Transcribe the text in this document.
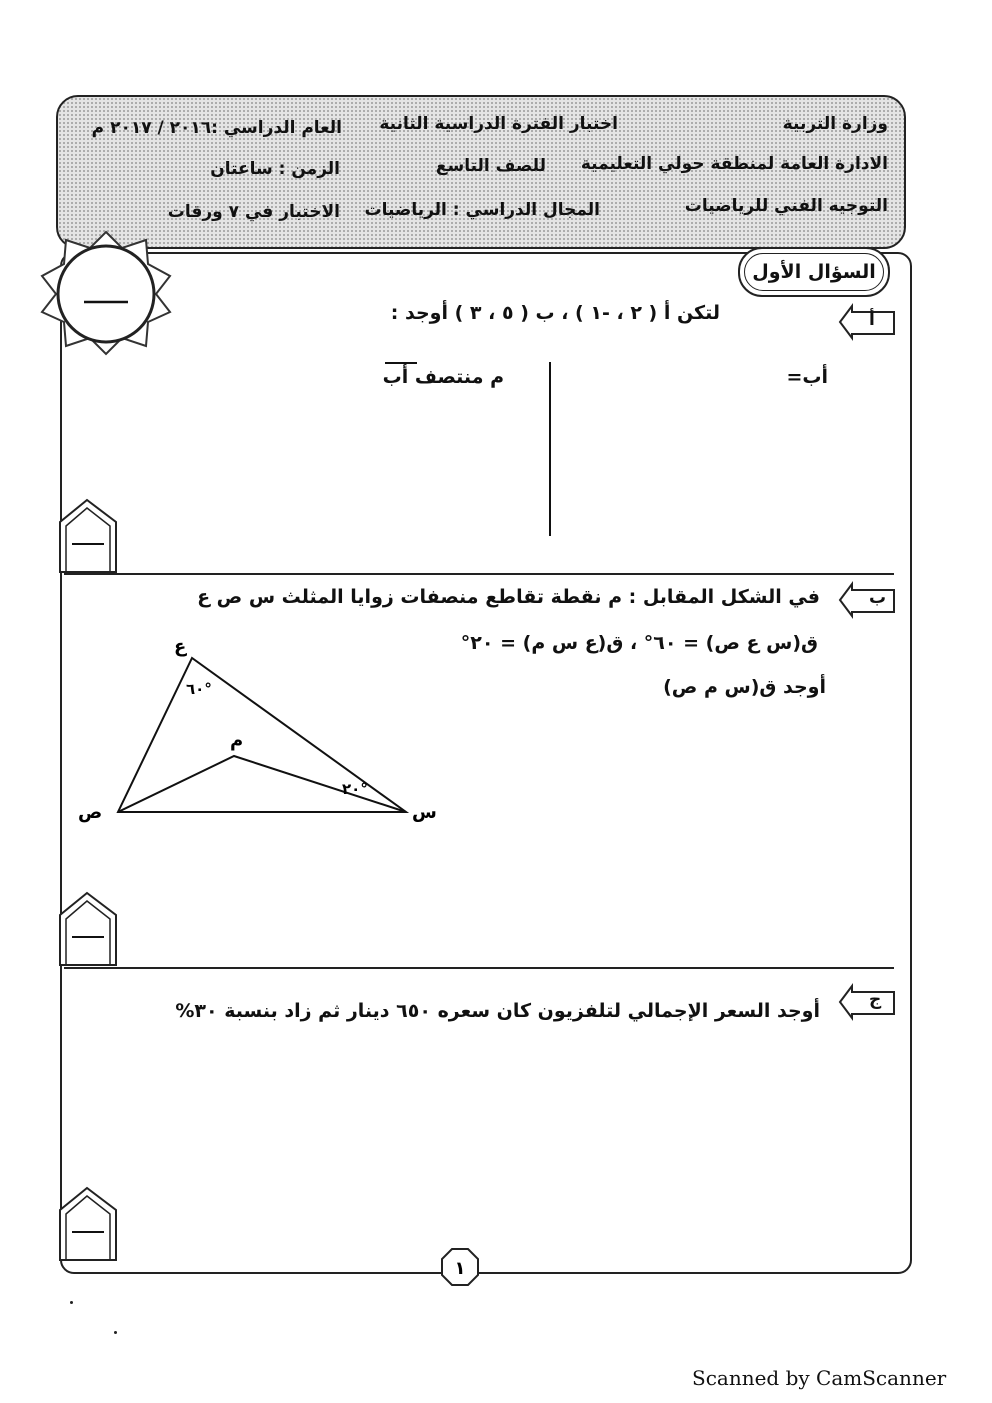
وزارة التربية
اختبار الفترة الدراسية الثانية
العام الدراسي :٢٠١٦ / ٢٠١٧ م
الادارة العامة لمنطقة حولي التعليمية
للصف التاسع
الزمن : ساعتان
التوجيه الفني للرياضيات
المجال الدراسي : الرياضيات
الاختبار في ٧ ورقات
السؤال الأول
أ
لتكن أ ( ٢ ، -١ ) ، ب ( ٥ ، ٣ ) أوجد :
أب=
م منتصف أب
ب
في الشكل المقابل : م نقطة تقاطع منصفات زوايا المثلث س ص ع
ق(س ع ص) = ٦٠° ، ق(ع س م) = ٢٠°
أوجد ق(س م ص)
ع
ص	س
م
٦٠°
٢٠°
ج
أوجد السعر الإجمالي لتلفزيون كان سعره ٦٥٠ دينار ثم زاد بنسبة ٣٠%
١
Scanned by CamScanner
